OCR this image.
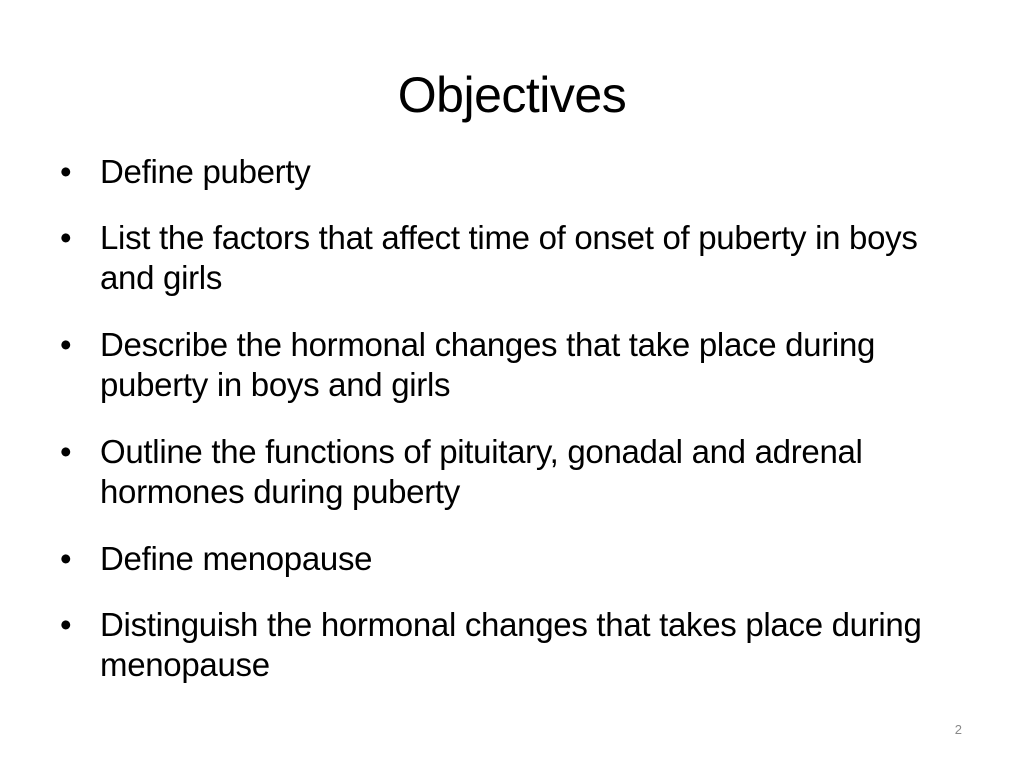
Objectives
• Define puberty
• List the factors that affect time of onset of puberty in boys and girls
• Describe the hormonal changes that take place during puberty in boys and girls
• Outline the functions of pituitary, gonadal and adrenal hormones during puberty
• Define menopause
• Distinguish the hormonal changes that takes place during menopause
2
